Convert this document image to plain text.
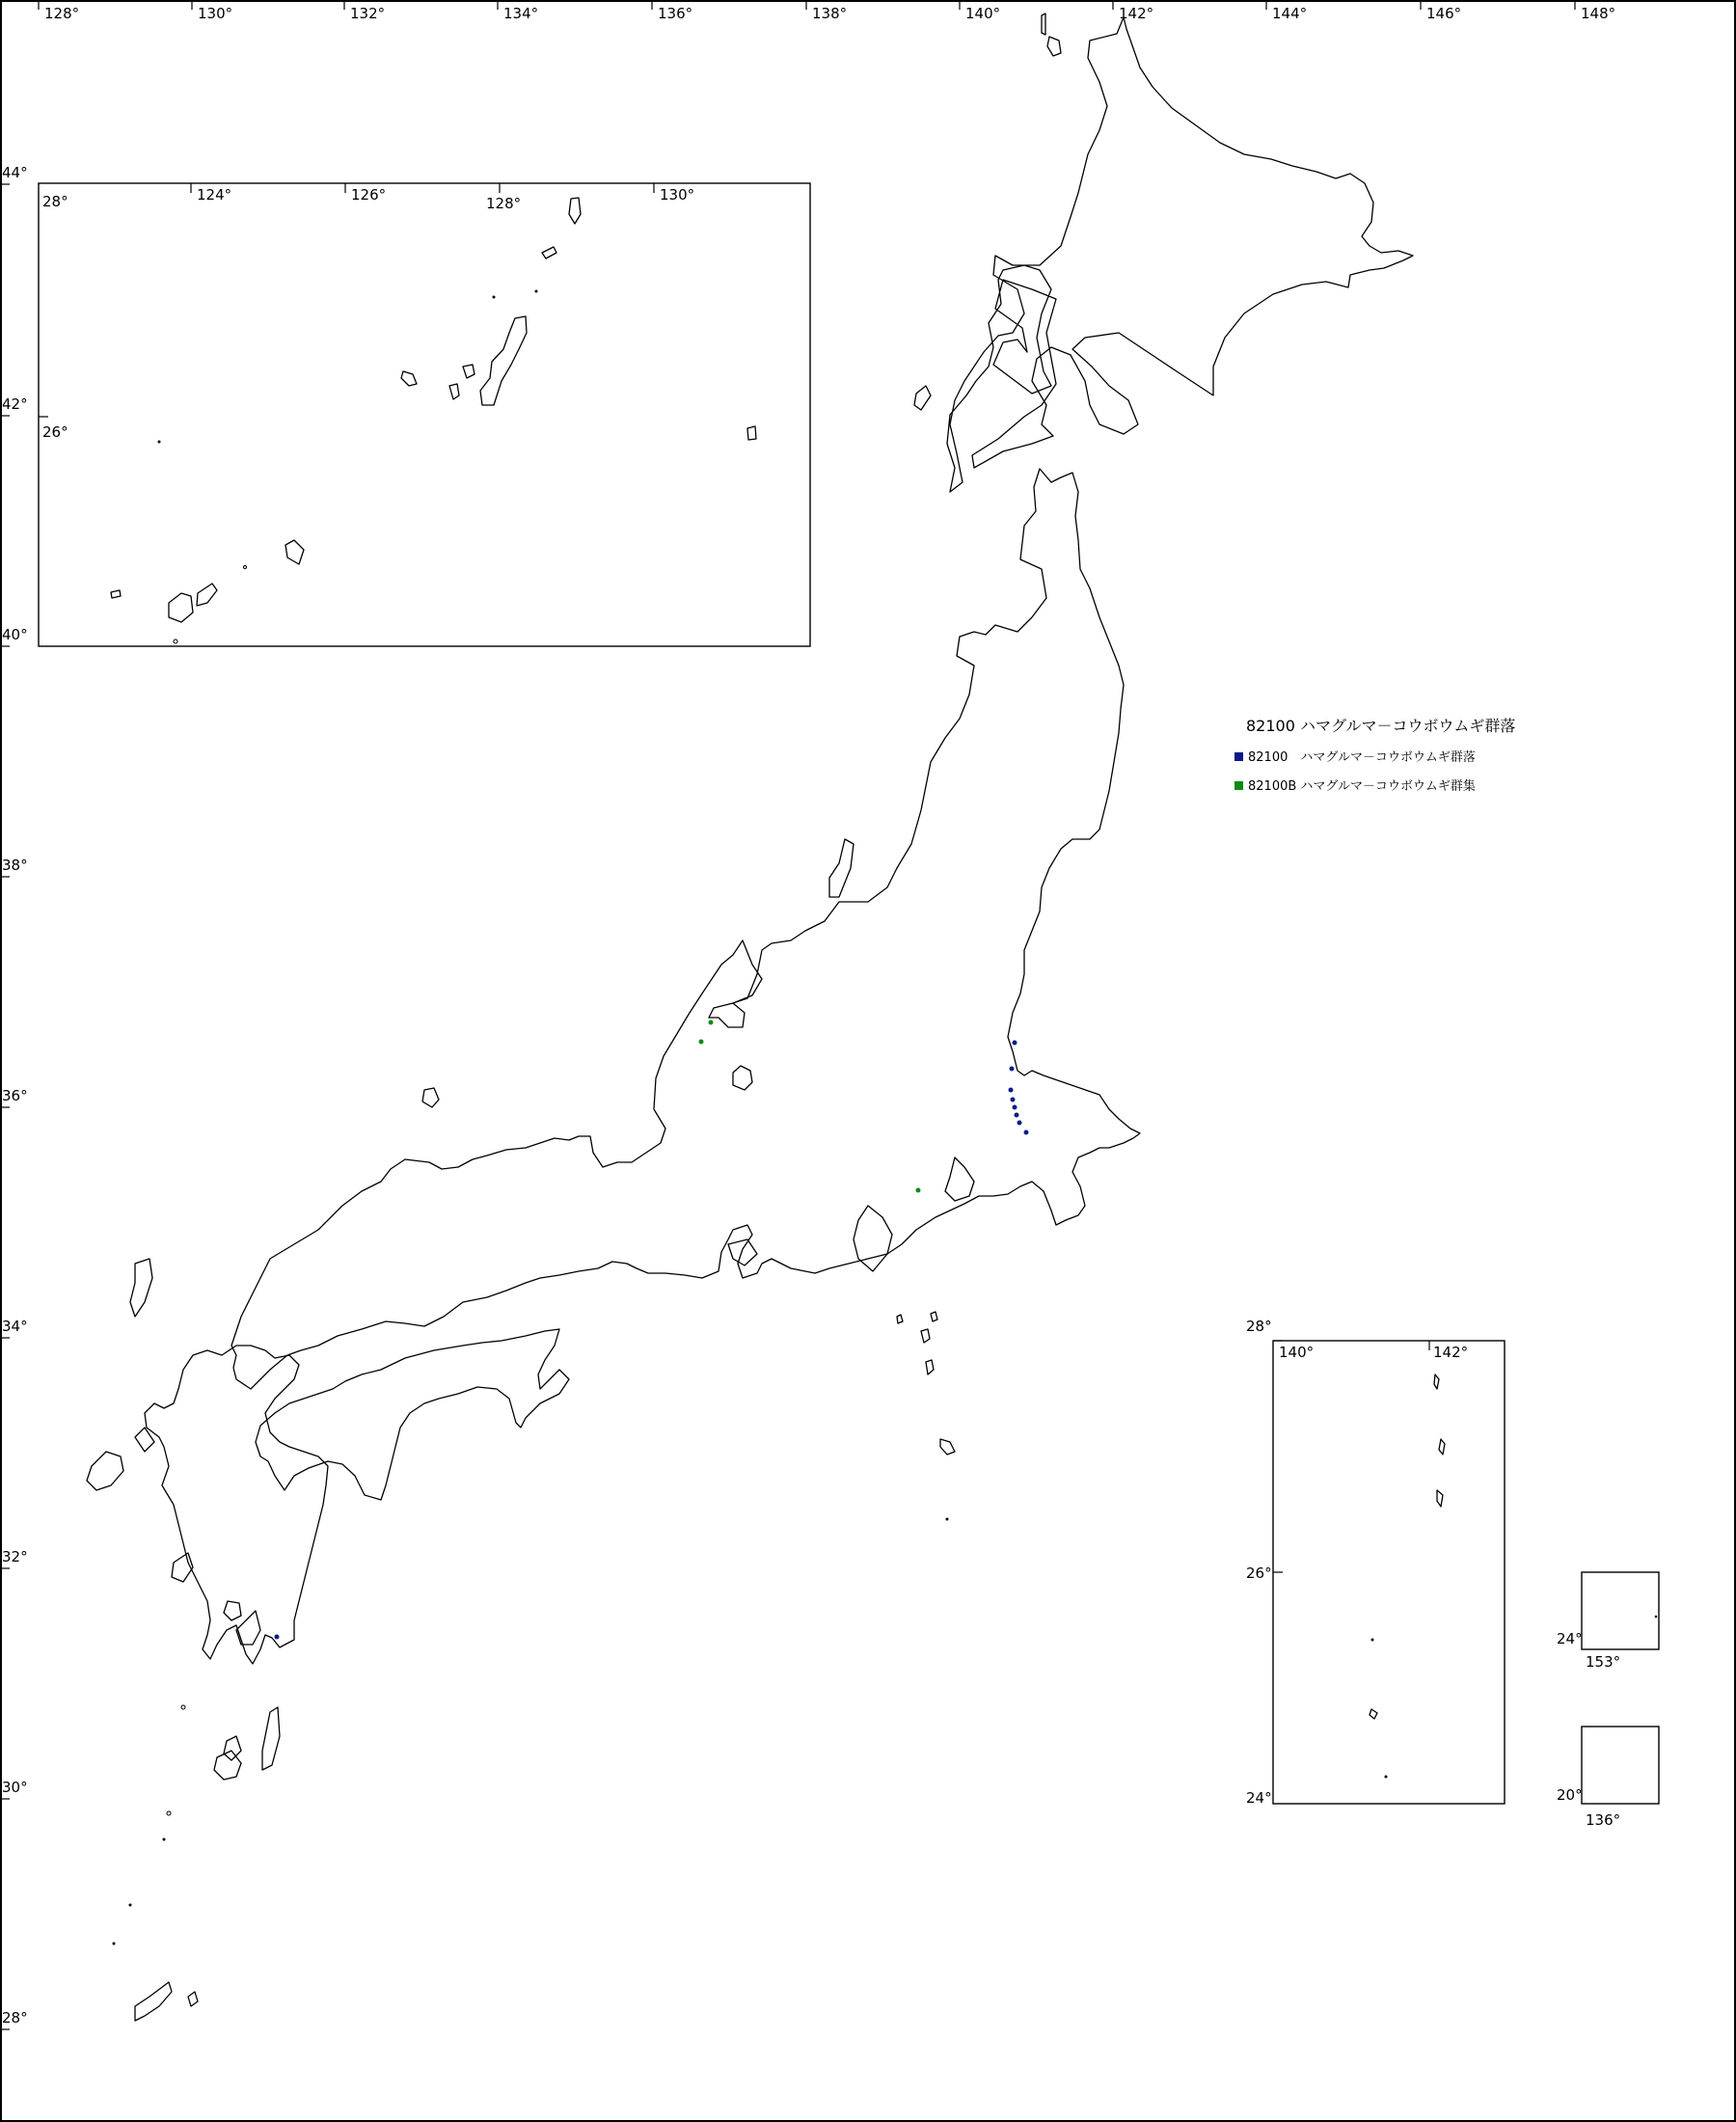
128°	130°	132°	134°	136°	138°	140°	142°	144°	146°	148°
44°
42°
40°
38°
36°
34°
32°
30°
28°
82100 ハマグルマ－コウボウムギ群落
82100　ハマグルマ－コウボウムギ群落
82100B ハマグルマ－コウボウムギ群集
28°
26°
124°	126°	128°	130°
28°
26°
24°
140°	142°
24°
153°
20°
136°
